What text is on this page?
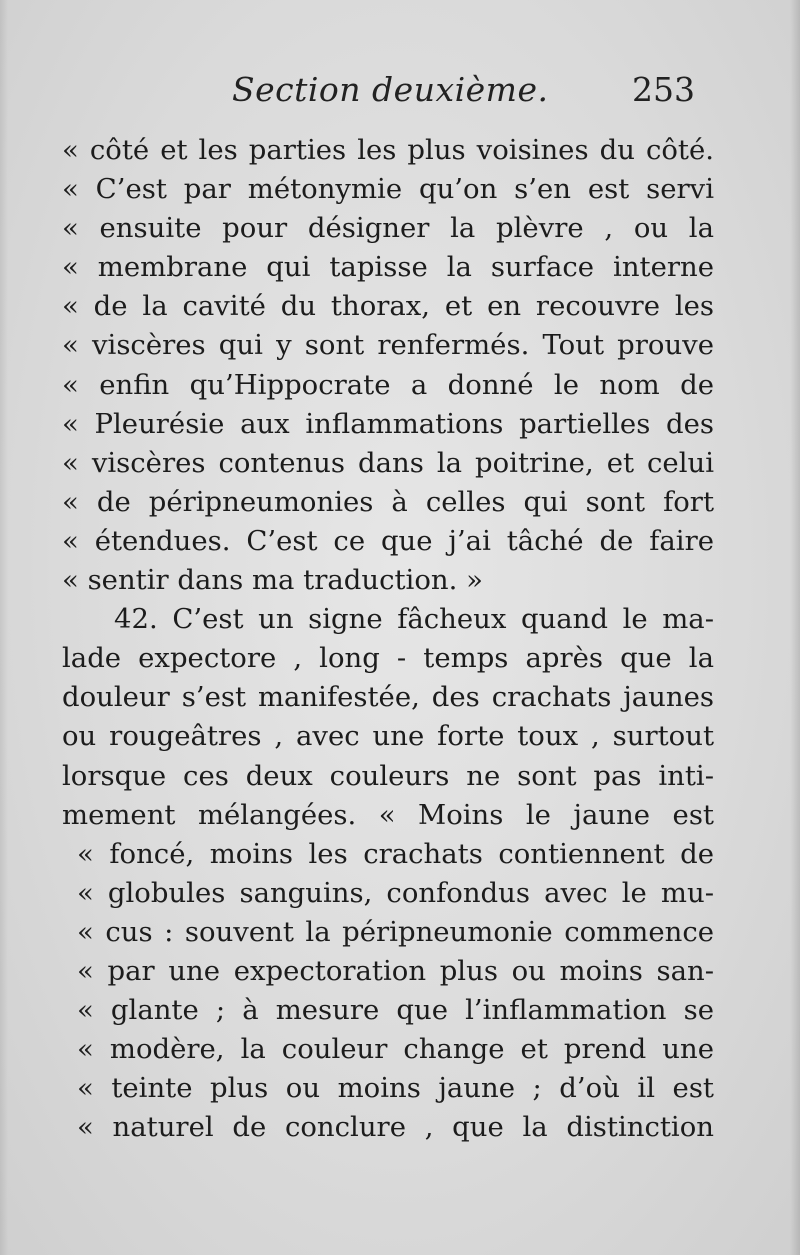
Section deuxième.	253
« côté et les parties les plus voisines du côté.
« C’est par métonymie qu’on s’en est servi
« ensuite pour désigner la plèvre , ou la
« membrane qui tapisse la surface interne
« de la cavité du thorax, et en recouvre les
« viscères qui y sont renfermés. Tout prouve
« enfin qu’Hippocrate a donné le nom de
« Pleurésie aux inflammations partielles des
« viscères contenus dans la poitrine, et celui
« de péripneumonies à celles qui sont fort
« étendues. C’est ce que j’ai tâché de faire
« sentir dans ma traduction. »
42. C’est un signe fâcheux quand le ma-
lade expectore , long - temps après que la
douleur s’est manifestée, des crachats jaunes
ou rougeâtres , avec une forte toux , surtout
lorsque ces deux couleurs ne sont pas inti-
mement mélangées. « Moins le jaune est
« foncé, moins les crachats contiennent de
« globules sanguins, confondus avec le mu-
« cus : souvent la péripneumonie commence
« par une expectoration plus ou moins san-
« glante ; à mesure que l’inflammation se
« modère, la couleur change et prend une
« teinte plus ou moins jaune ; d’où il est
« naturel de conclure , que la distinction
